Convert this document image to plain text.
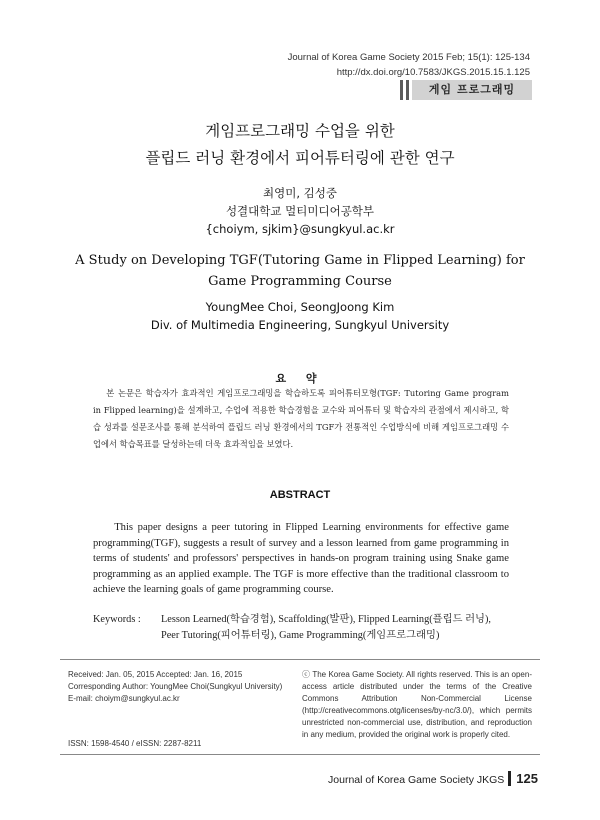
Journal of Korea Game Society 2015 Feb; 15(1): 125-134
http://dx.doi.org/10.7583/JKGS.2015.15.1.125
게임 프로그래밍
게임프로그래밍 수업을 위한
플립드 러닝 환경에서 피어튜터링에 관한 연구
최영미, 김성중
성결대학교 멀티미디어공학부
{choiym, sjkim}@sungkyul.ac.kr
A Study on Developing TGF(Tutoring Game in Flipped Learning) for
Game Programming Course
YoungMee Choi, SeongJoong Kim
Div. of Multimedia Engineering, Sungkyul University
요 약

본 논문은 학습자가 효과적인 게임프로그래밍을 학습하도록 피어튜터모형(TGF: Tutoring Game program in Flipped learning)을 설계하고, 수업에 적용한 학습경험을 교수와 피어튜터 및 학습자의 관점에서 제시하고, 학습 성과를 설문조사를 통해 분석하여 플립드 러닝 환경에서의 TGF가 전통적인 수업방식에 비해 게임프로그래밍 수업에서 학습목표를 달성하는데 더욱 효과적임을 보였다.

ABSTRACT

This paper designs a peer tutoring in Flipped Learning environments for effective game programming(TGF), suggests a result of survey and a lesson learned from game programming in terms of students' and professors' perspectives in hands-on program training using Snake game programming as an applied example. The TGF is more effective than the traditional classroom to achieve the learning goals of game programming course.

Keywords : Lesson Learned(학습경험), Scaffolding(발판), Flipped Learning(플립드 러닝),
Peer Tutoring(피어튜터링), Game Programming(게임프로그래밍)
Received: Jan. 05, 2015 Accepted: Jan. 16, 2015
Corresponding Author: YoungMee Choi(Sungkyul University)
E-mail: choiym@sungkyul.ac.kr
ISSN: 1598-4540 / eISSN: 2287-8211
ⓒ The Korea Game Society. All rights reserved. This is an open-access article distributed under the terms of the Creative Commons Attribution Non-Commercial License (http://creativecommons.otg/licenses/by-nc/3.0/), which permits unrestricted non-commercial use, distribution, and reproduction in any medium, provided the original work is properly cited.
Journal of Korea Game Society JKGS 125
